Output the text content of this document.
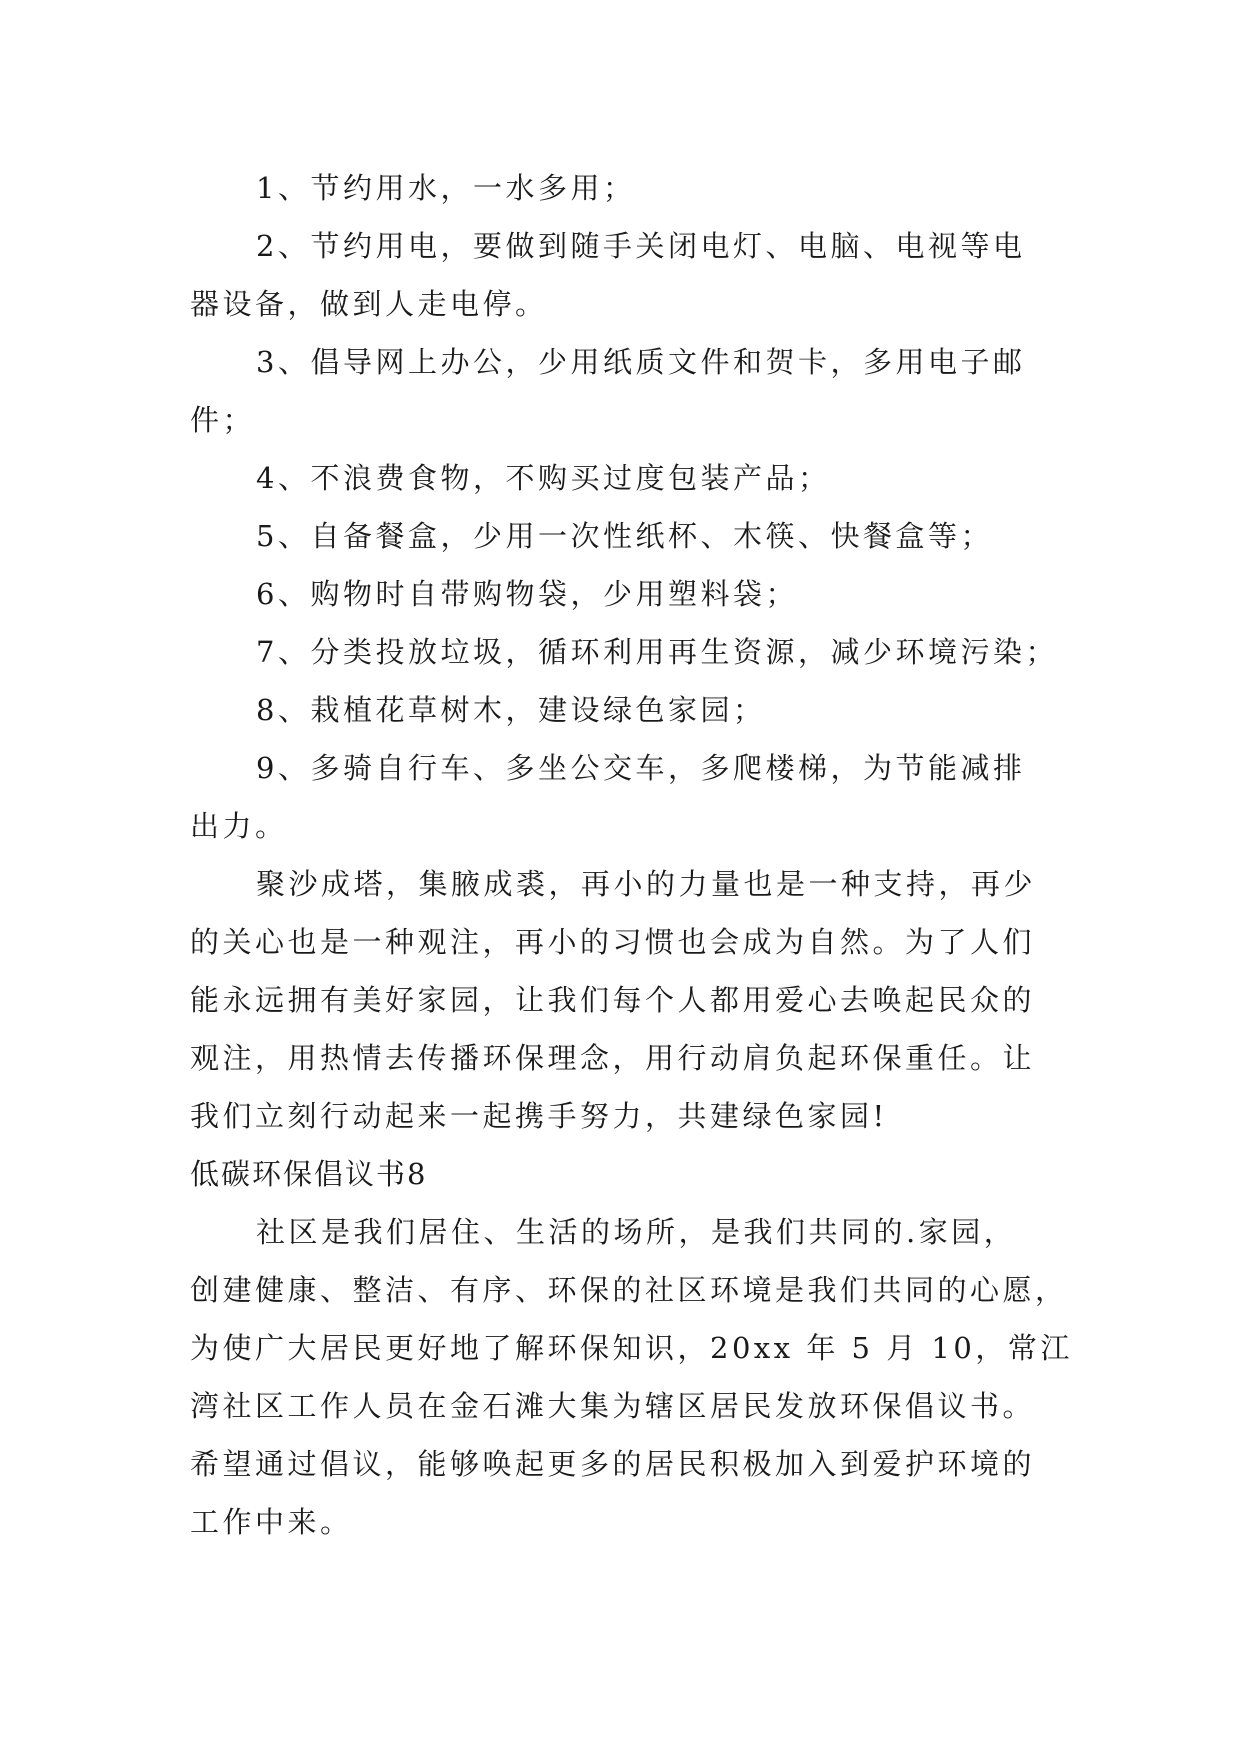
1、节约用水，一水多用；
2、节约用电，要做到随手关闭电灯、电脑、电视等电
器设备，做到人走电停。
3、倡导网上办公，少用纸质文件和贺卡，多用电子邮
件；
4、不浪费食物，不购买过度包装产品；
5、自备餐盒，少用一次性纸杯、木筷、快餐盒等；
6、购物时自带购物袋，少用塑料袋；
7、分类投放垃圾，循环利用再生资源，减少环境污染；
8、栽植花草树木，建设绿色家园；
9、多骑自行车、多坐公交车，多爬楼梯，为节能减排
出力。
聚沙成塔，集腋成裘，再小的力量也是一种支持，再少
的关心也是一种观注，再小的习惯也会成为自然。为了人们
能永远拥有美好家园，让我们每个人都用爱心去唤起民众的
观注，用热情去传播环保理念，用行动肩负起环保重任。让
我们立刻行动起来一起携手努力，共建绿色家园!
低碳环保倡议书8
社区是我们居住、生活的场所，是我们共同的.家园，
创建健康、整洁、有序、环保的社区环境是我们共同的心愿，
为使广大居民更好地了解环保知识，20xx 年 5 月 10，常江
湾社区工作人员在金石滩大集为辖区居民发放环保倡议书。
希望通过倡议，能够唤起更多的居民积极加入到爱护环境的
工作中来。
